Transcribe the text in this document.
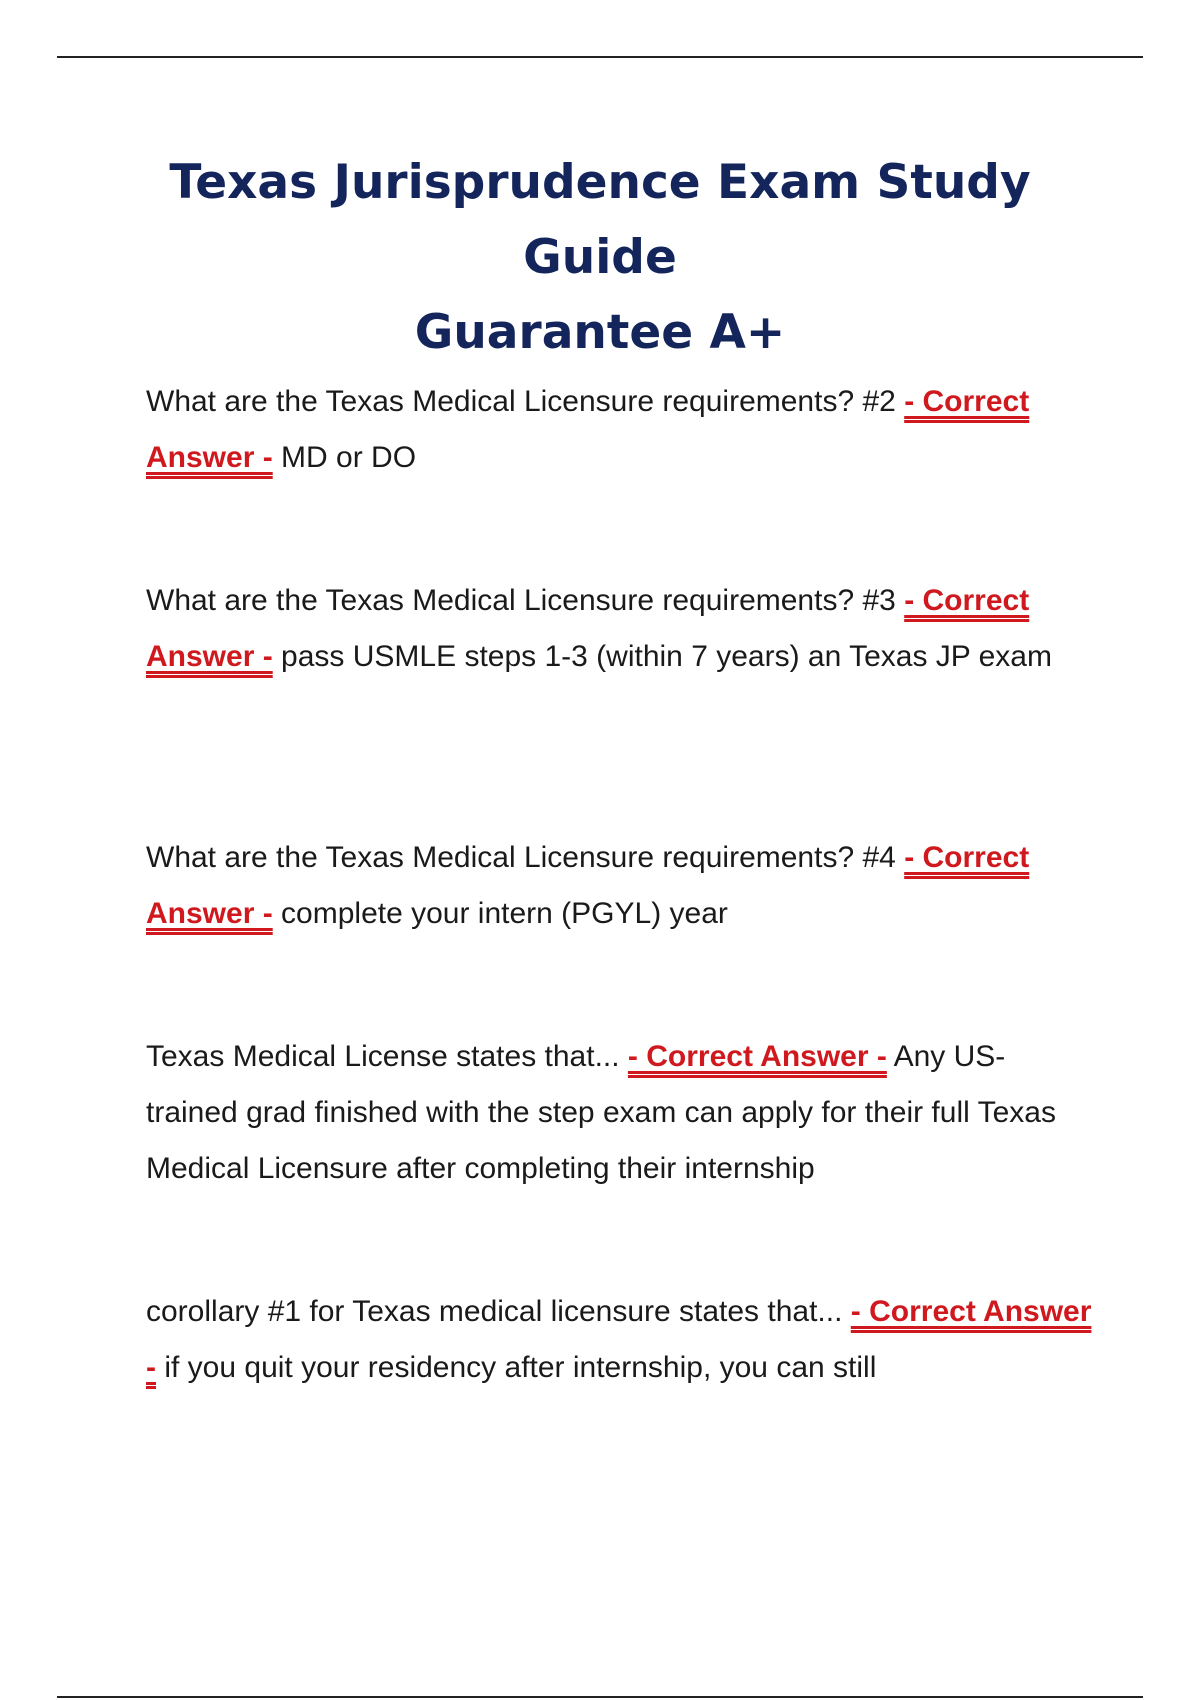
Texas Jurisprudence Exam Study Guide
Guarantee A+

What are the Texas Medical Licensure requirements? #2 - Correct Answer - MD or DO

What are the Texas Medical Licensure requirements? #3 - Correct Answer - pass USMLE steps 1-3 (within 7 years) an Texas JP exam

What are the Texas Medical Licensure requirements? #4 - Correct Answer - complete your intern (PGYL) year

Texas Medical License states that... - Correct Answer - Any US-trained grad finished with the step exam can apply for their full Texas Medical Licensure after completing their internship

corollary #1 for Texas medical licensure states that... - Correct Answer - if you quit your residency after internship, you can still
